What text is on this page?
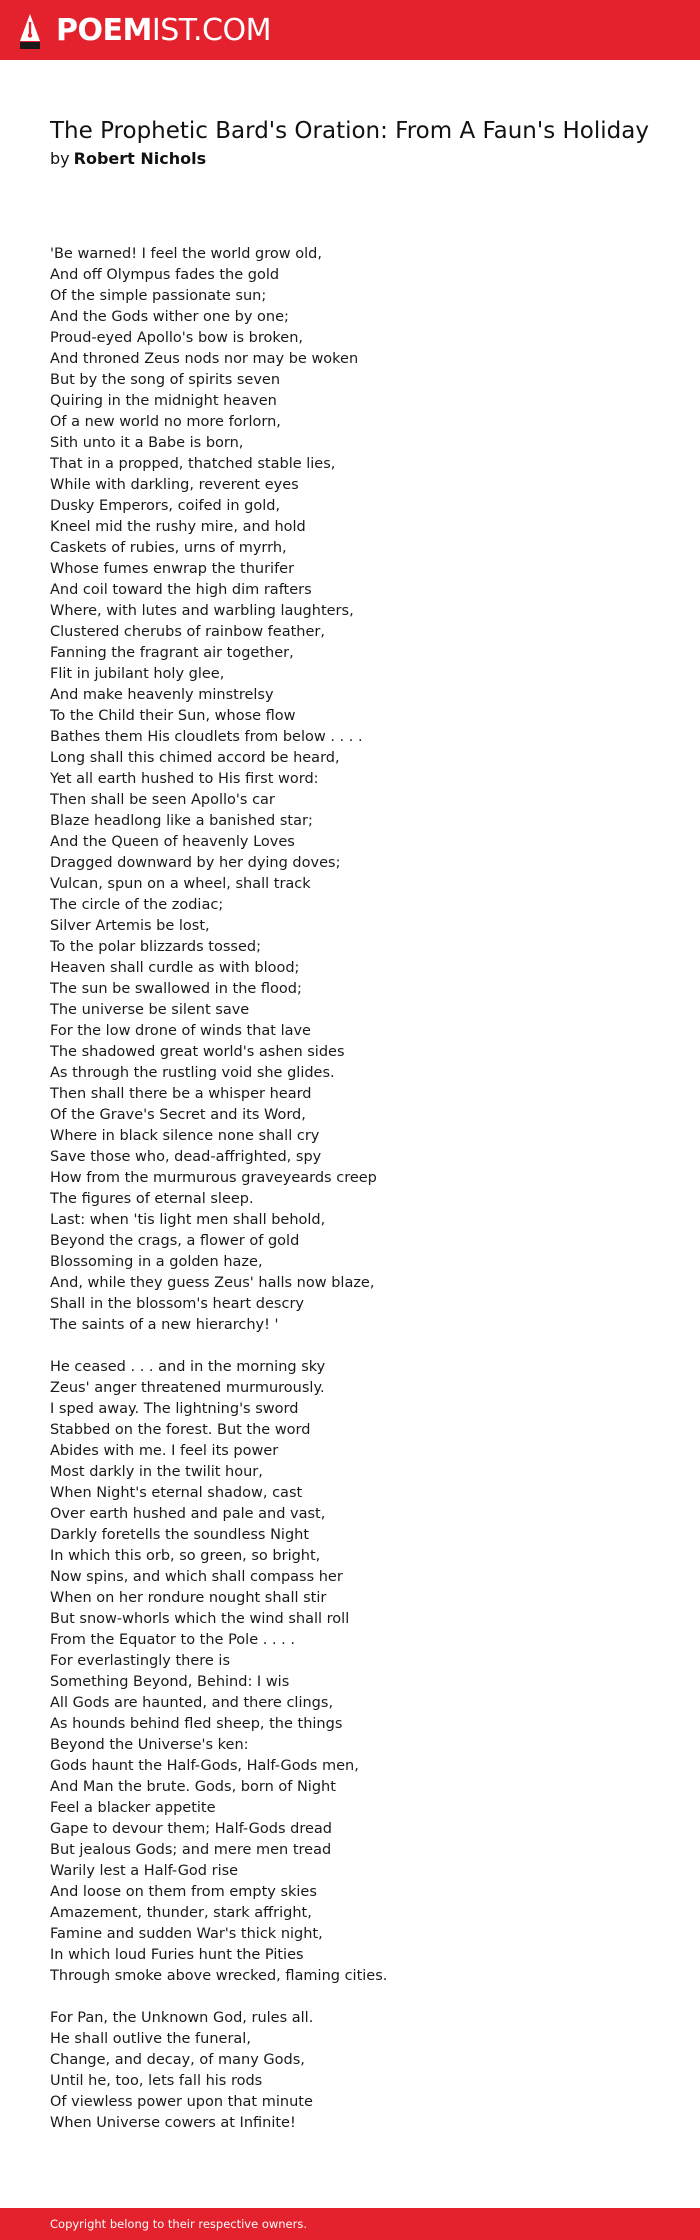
POEMIST.COM
The Prophetic Bard's Oration: From A Faun's Holiday
by Robert Nichols
'Be warned! I feel the world grow old,
And off Olympus fades the gold
Of the simple passionate sun;
And the Gods wither one by one;
Proud-eyed Apollo's bow is broken,
And throned Zeus nods nor may be woken
But by the song of spirits seven
Quiring in the midnight heaven
Of a new world no more forlorn,
Sith unto it a Babe is born,
That in a propped, thatched stable lies,
While with darkling, reverent eyes
Dusky Emperors, coifed in gold,
Kneel mid the rushy mire, and hold
Caskets of rubies, urns of myrrh,
Whose fumes enwrap the thurifer
And coil toward the high dim rafters
Where, with lutes and warbling laughters,
Clustered cherubs of rainbow feather,
Fanning the fragrant air together,
Flit in jubilant holy glee,
And make heavenly minstrelsy
To the Child their Sun, whose flow
Bathes them His cloudlets from below . . . .
Long shall this chimed accord be heard,
Yet all earth hushed to His first word:
Then shall be seen Apollo's car
Blaze headlong like a banished star;
And the Queen of heavenly Loves
Dragged downward by her dying doves;
Vulcan, spun on a wheel, shall track
The circle of the zodiac;
Silver Artemis be lost,
To the polar blizzards tossed;
Heaven shall curdle as with blood;
The sun be swallowed in the flood;
The universe be silent save
For the low drone of winds that lave
The shadowed great world's ashen sides
As through the rustling void she glides.
Then shall there be a whisper heard
Of the Grave's Secret and its Word,
Where in black silence none shall cry
Save those who, dead-affrighted, spy
How from the murmurous graveyeards creep
The figures of eternal sleep.
Last: when 'tis light men shall behold,
Beyond the crags, a flower of gold
Blossoming in a golden haze,
And, while they guess Zeus' halls now blaze,
Shall in the blossom's heart descry
The saints of a new hierarchy! '
He ceased . . . and in the morning sky
Zeus' anger threatened murmurously.
I sped away. The lightning's sword
Stabbed on the forest. But the word
Abides with me. I feel its power
Most darkly in the twilit hour,
When Night's eternal shadow, cast
Over earth hushed and pale and vast,
Darkly foretells the soundless Night
In which this orb, so green, so bright,
Now spins, and which shall compass her
When on her rondure nought shall stir
But snow-whorls which the wind shall roll
From the Equator to the Pole . . . .
For everlastingly there is
Something Beyond, Behind: I wis
All Gods are haunted, and there clings,
As hounds behind fled sheep, the things
Beyond the Universe's ken:
Gods haunt the Half-Gods, Half-Gods men,
And Man the brute. Gods, born of Night
Feel a blacker appetite
Gape to devour them; Half-Gods dread
But jealous Gods; and mere men tread
Warily lest a Half-God rise
And loose on them from empty skies
Amazement, thunder, stark affright,
Famine and sudden War's thick night,
In which loud Furies hunt the Pities
Through smoke above wrecked, flaming cities.
For Pan, the Unknown God, rules all.
He shall outlive the funeral,
Change, and decay, of many Gods,
Until he, too, lets fall his rods
Of viewless power upon that minute
When Universe cowers at Infinite!
Copyright belong to their respective owners.
